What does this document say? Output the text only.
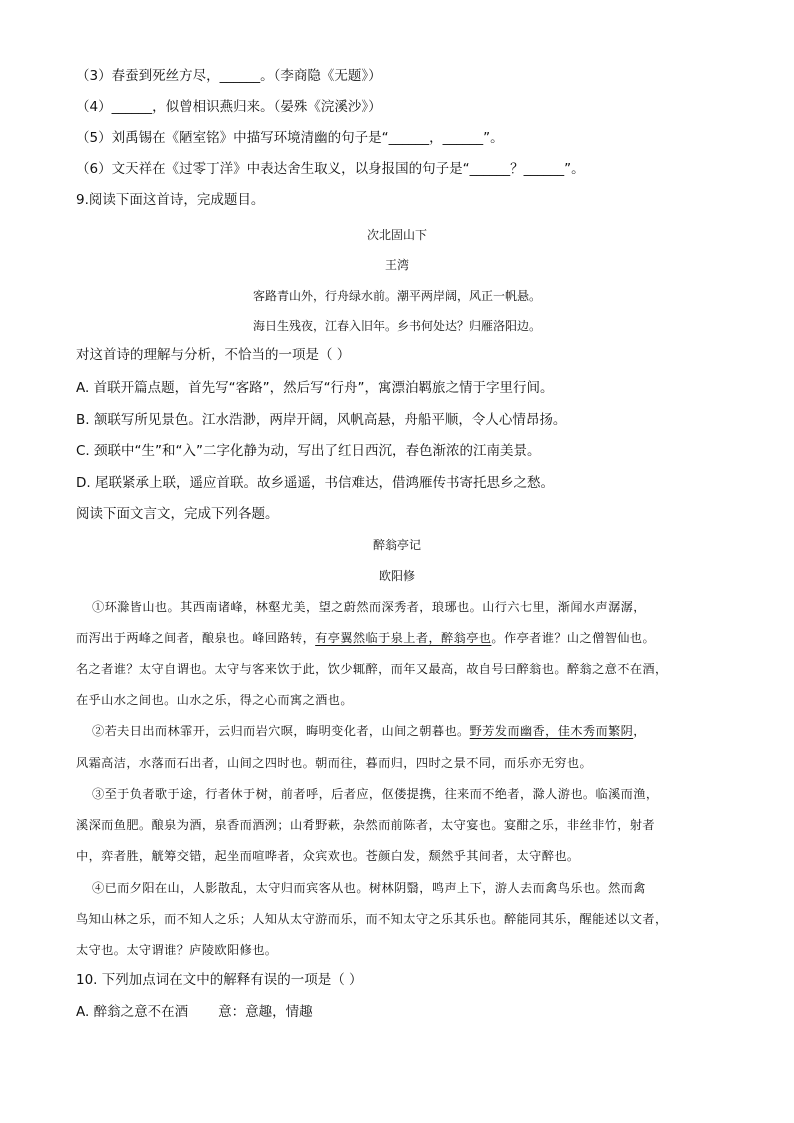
（3）春蚕到死丝方尽，______。（李商隐《无题》）
（4）______，似曾相识燕归来。（晏殊《浣溪沙》）
（5）刘禹锡在《陋室铭》中描写环境清幽的句子是“______，______”。
（6）文天祥在《过零丁洋》中表达舍生取义，以身报国的句子是“______？______”。
9.阅读下面这首诗，完成题目。
次北固山下
王湾
客路青山外，行舟绿水前。潮平两岸阔，风正一帆悬。
海日生残夜，江春入旧年。乡书何处达？归雁洛阳边。
对这首诗的理解与分析，不恰当的一项是（ ）
A. 首联开篇点题，首先写“客路”，然后写“行舟”，寓漂泊羁旅之情于字里行间。
B. 颔联写所见景色。江水浩渺，两岸开阔，风帆高悬，舟船平顺，令人心情昂扬。
C. 颈联中“生”和“入”二字化静为动，写出了红日西沉，春色渐浓的江南美景。
D. 尾联紧承上联，遥应首联。故乡遥遥，书信难达，借鸿雁传书寄托思乡之愁。
阅读下面文言文，完成下列各题。
醉翁亭记
欧阳修
①环滁皆山也。其西南诸峰，林壑尤美，望之蔚然而深秀者，琅琊也。山行六七里，渐闻水声潺潺，
而泻出于两峰之间者，酿泉也。峰回路转，有亭翼然临于泉上者，醉翁亭也。作亭者谁？山之僧智仙也。
名之者谁？太守自谓也。太守与客来饮于此，饮少辄醉，而年又最高，故自号曰醉翁也。醉翁之意不在酒，
在乎山水之间也。山水之乐，得之心而寓之酒也。
②若夫日出而林霏开，云归而岩穴暝，晦明变化者，山间之朝暮也。野芳发而幽香，佳木秀而繁阴，
风霜高洁，水落而石出者，山间之四时也。朝而往，暮而归，四时之景不同，而乐亦无穷也。
③至于负者歌于途，行者休于树，前者呼，后者应，伛偻提携，往来而不绝者，滁人游也。临溪而渔，
溪深而鱼肥。酿泉为酒，泉香而酒洌；山肴野蔌，杂然而前陈者，太守宴也。宴酣之乐，非丝非竹，射者
中，弈者胜，觥筹交错，起坐而喧哗者，众宾欢也。苍颜白发，颓然乎其间者，太守醉也。
④已而夕阳在山，人影散乱，太守归而宾客从也。树林阴翳，鸣声上下，游人去而禽鸟乐也。然而禽
鸟知山林之乐，而不知人之乐；人知从太守游而乐，而不知太守之乐其乐也。醉能同其乐，醒能述以文者，
太守也。太守谓谁？庐陵欧阳修也。
10. 下列加点词在文中的解释有误的一项是（ ）
A. 醉翁之意不在酒       意：意趣，情趣
